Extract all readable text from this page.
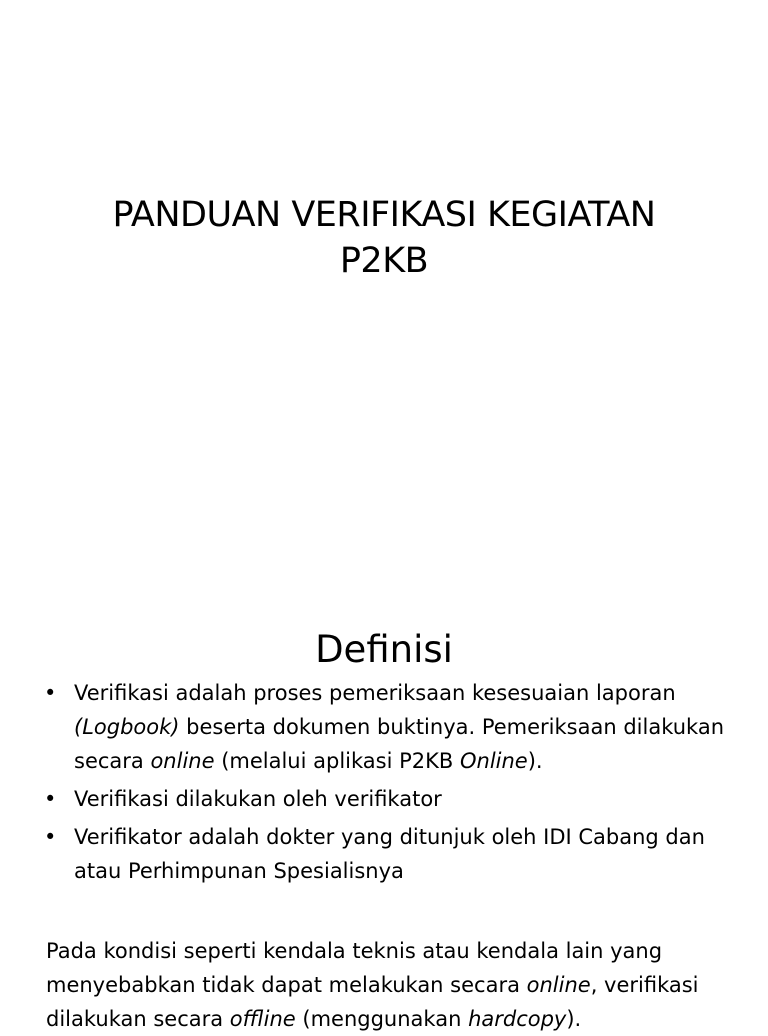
PANDUAN VERIFIKASI KEGIATAN
P2KB
Definisi
• Verifikasi adalah proses pemeriksaan kesesuaian laporan (Logbook) beserta dokumen buktinya. Pemeriksaan dilakukan secara online (melalui aplikasi P2KB Online).
• Verifikasi dilakukan oleh verifikator
• Verifikator adalah dokter yang ditunjuk oleh IDI Cabang dan atau Perhimpunan Spesialisnya

Pada kondisi seperti kendala teknis atau kendala lain yang menyebabkan tidak dapat melakukan secara online, verifikasi dilakukan secara offline (menggunakan hardcopy).
